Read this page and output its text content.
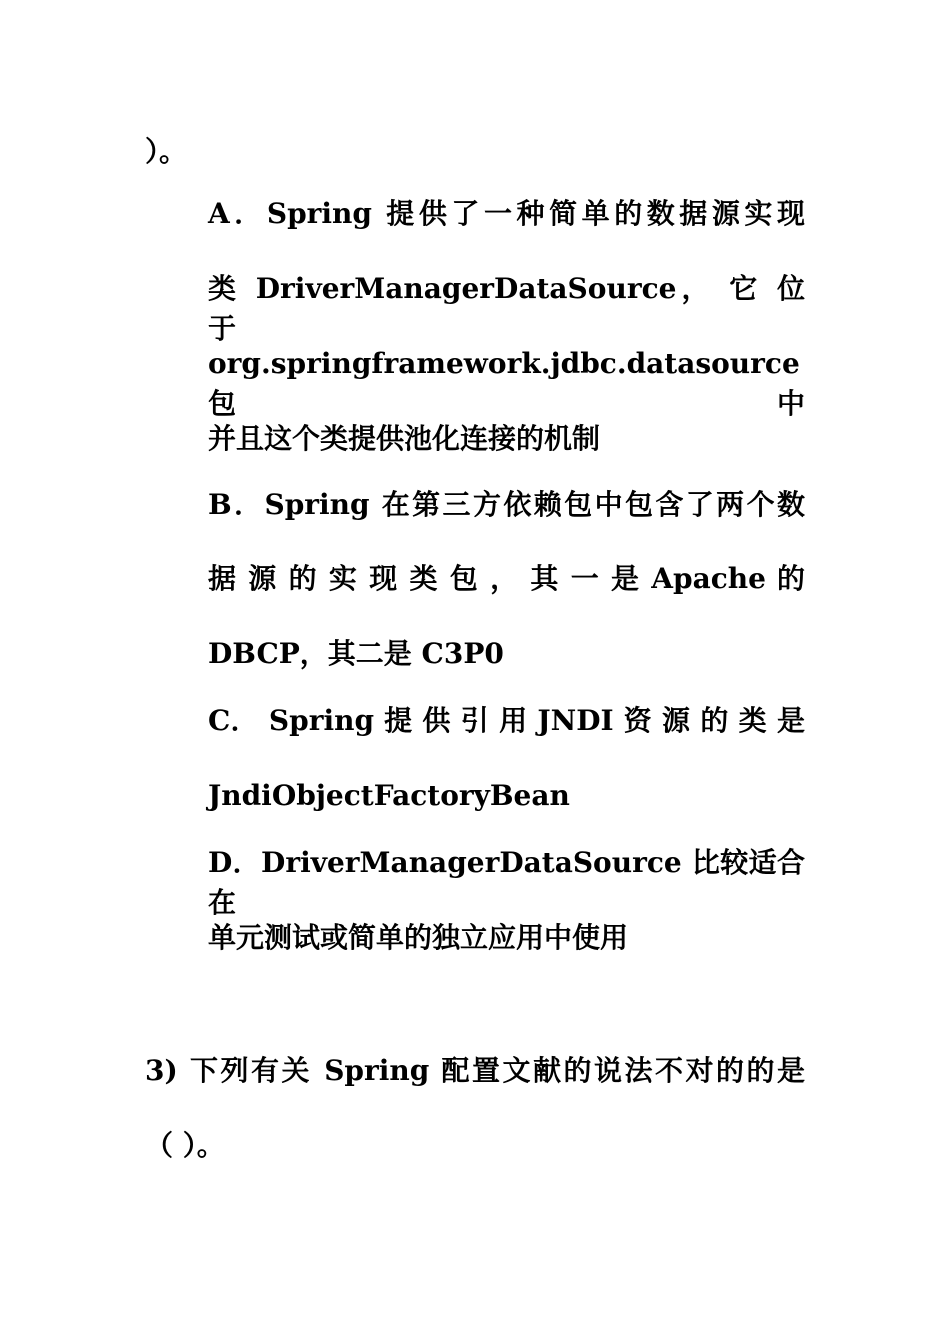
）。
A．Spring 提供了一种简单的数据源实现
类 DriverManagerDataSource， 它 位 于
org.springframework.jdbc.datasource 包中
并且这个类提供池化连接的机制
B．Spring 在第三方依赖包中包含了两个数
据 源 的 实 现 类 包 ， 其 一 是 Apache 的
DBCP，其二是 C3P0
C． Spring 提 供 引 用 JNDI 资 源 的 类 是
JndiObjectFactoryBean
D．DriverManagerDataSource 比较适合在
单元测试或简单的独立应用中使用
3) 下列有关 Spring 配置文献的说法不对的的是
（ ）。
